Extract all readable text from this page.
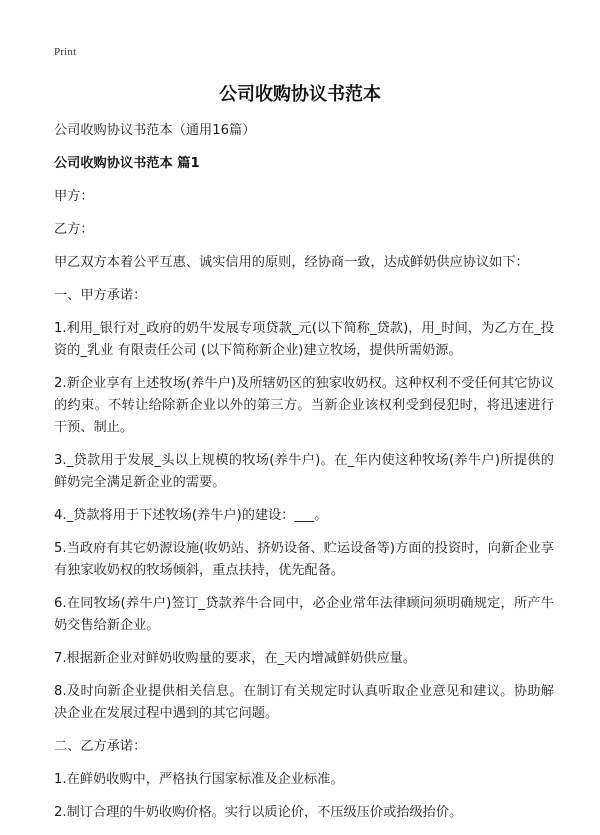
Print
公司收购协议书范本

公司收购协议书范本（通用16篇）

公司收购协议书范本 篇1

甲方：

乙方：

甲乙双方本着公平互惠、诚实信用的原则，经协商一致，达成鲜奶供应协议如下：

一、甲方承诺：

1.利用_银行对_政府的奶牛发展专项贷款_元(以下简称_贷款)，用_时间，为乙方在_投资的_乳业 有限责任公司 (以下简称新企业)建立牧场，提供所需奶源。

2.新企业享有上述牧场(养牛户)及所辖奶区的独家收奶权。这种权利不受任何其它协议的约束。不转让给除新企业以外的第三方。当新企业该权利受到侵犯时，将迅速进行干预、制止。

3._贷款用于发展_头以上规模的牧场(养牛户)。在_年内使这种牧场(养牛户)所提供的鲜奶完全满足新企业的需要。

4._贷款将用于下述牧场(养牛户)的建设：___。

5.当政府有其它奶源设施(收奶站、挤奶设备、贮运设备等)方面的投资时，向新企业享有独家收奶权的牧场倾斜，重点扶持，优先配备。

6.在同牧场(养牛户)签订_贷款养牛合同中，必企业常年法律顾问须明确规定，所产牛奶交售给新企业。

7.根据新企业对鲜奶收购量的要求，在_天内增减鲜奶供应量。

8.及时向新企业提供相关信息。在制订有关规定时认真听取企业意见和建议。协助解决企业在发展过程中遇到的其它问题。

二、乙方承诺：

1.在鲜奶收购中，严格执行国家标准及企业标准。

2.制订合理的牛奶收购价格。实行以质论价，不压级压价或抬级抬价。
